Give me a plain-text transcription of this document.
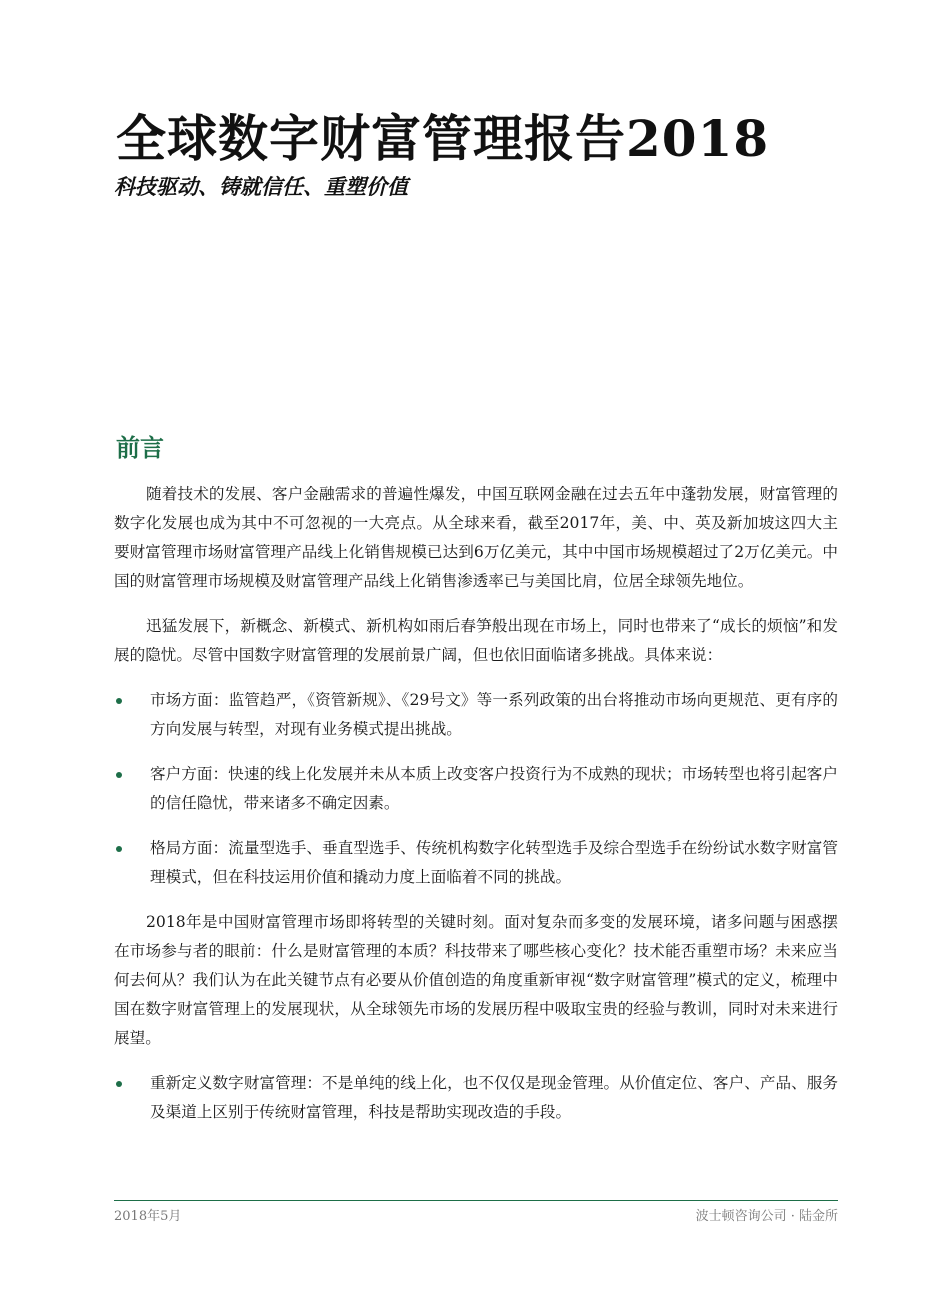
全球数字财富管理报告2018
科技驱动、铸就信任、重塑价值
前言

随着技术的发展、客户金融需求的普遍性爆发，中国互联网金融在过去五年中蓬勃发展，财富管理的数字化发展也成为其中不可忽视的一大亮点。从全球来看，截至2017年，美、中、英及新加坡这四大主要财富管理市场财富管理产品线上化销售规模已达到6万亿美元，其中中国市场规模超过了2万亿美元。中国的财富管理市场规模及财富管理产品线上化销售渗透率已与美国比肩，位居全球领先地位。

迅猛发展下，新概念、新模式、新机构如雨后春笋般出现在市场上，同时也带来了“成长的烦恼”和发展的隐忧。尽管中国数字财富管理的发展前景广阔，但也依旧面临诸多挑战。具体来说：

市场方面：监管趋严，《资管新规》、《29号文》等一系列政策的出台将推动市场向更规范、更有序的方向发展与转型，对现有业务模式提出挑战。
客户方面：快速的线上化发展并未从本质上改变客户投资行为不成熟的现状；市场转型也将引起客户的信任隐忧，带来诸多不确定因素。
格局方面：流量型选手、垂直型选手、传统机构数字化转型选手及综合型选手在纷纷试水数字财富管理模式，但在科技运用价值和撬动力度上面临着不同的挑战。

2018年是中国财富管理市场即将转型的关键时刻。面对复杂而多变的发展环境，诸多问题与困惑摆在市场参与者的眼前：什么是财富管理的本质？科技带来了哪些核心变化？技术能否重塑市场？未来应当何去何从？我们认为在此关键节点有必要从价值创造的角度重新审视“数字财富管理”模式的定义，梳理中国在数字财富管理上的发展现状，从全球领先市场的发展历程中吸取宝贵的经验与教训，同时对未来进行展望。

重新定义数字财富管理：不是单纯的线上化，也不仅仅是现金管理。从价值定位、客户、产品、服务及渠道上区别于传统财富管理，科技是帮助实现改造的手段。
2018年5月	波士顿咨询公司 · 陆金所
